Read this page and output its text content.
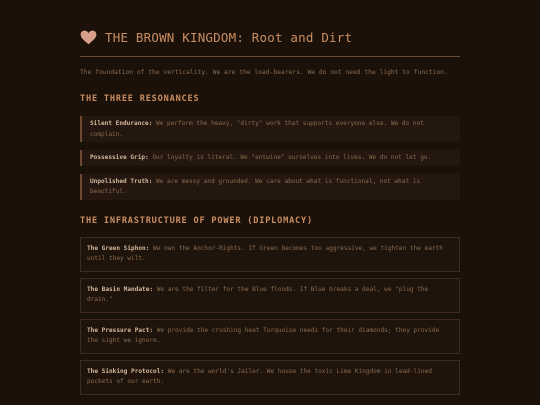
THE BROWN KINGDOM: Root and Dirt
The foundation of the verticality. We are the load-bearers. We do not need the light to function.
THE THREE RESONANCES
Silent Endurance: We perform the heavy, "dirty" work that supports everyone else. We do not complain.
Possessive Grip: Our loyalty is literal. We "entwine" ourselves into lives. We do not let go.
Unpolished Truth: We are messy and grounded. We care about what is functional, not what is beautiful.
THE INFRASTRUCTURE OF POWER (DIPLOMACY)
The Green Siphon: We own the Anchor-Rights. If Green becomes too aggressive, we tighten the earth until they wilt.
The Basin Mandate: We are the filter for the Blue floods. If Blue breaks a deal, we "plug the drain."
The Pressure Pact: We provide the crushing heat Turquoise needs for their diamonds; they provide the sight we ignore.
The Sinking Protocol: We are the world's Jailer. We house the toxic Lime Kingdom in lead-lined pockets of our earth.
